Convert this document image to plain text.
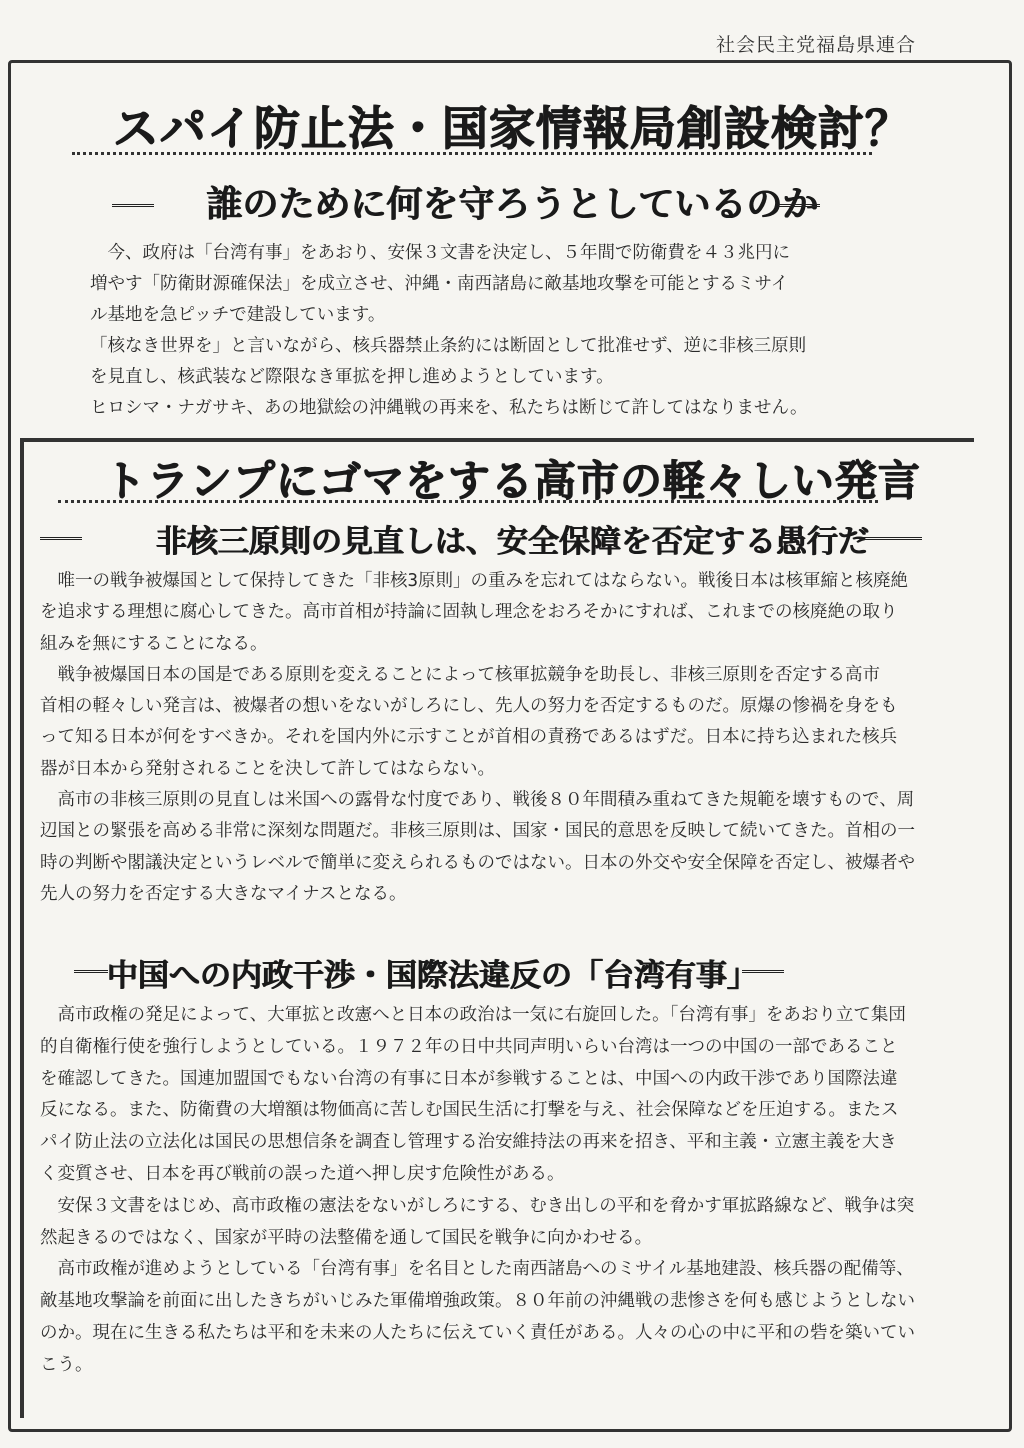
社会民主党福島県連合
スパイ防止法・国家情報局創設検討？
誰のために何を守ろうとしているのか
　今、政府は「台湾有事」をあおり、安保３文書を決定し、５年間で防衛費を４３兆円に
増やす「防衛財源確保法」を成立させ、沖縄・南西諸島に敵基地攻撃を可能とするミサイ
ル基地を急ピッチで建設しています。
「核なき世界を」と言いながら、核兵器禁止条約には断固として批准せず、逆に非核三原則
を見直し、核武装など際限なき軍拡を押し進めようとしています。
ヒロシマ・ナガサキ、あの地獄絵の沖縄戦の再来を、私たちは断じて許してはなりません。
トランプにゴマをする高市の軽々しい発言
非核三原則の見直しは、安全保障を否定する愚行だ
　唯一の戦争被爆国として保持してきた「非核3原則」の重みを忘れてはならない。戦後日本は核軍縮と核廃絶
を追求する理想に腐心してきた。高市首相が持論に固執し理念をおろそかにすれば、これまでの核廃絶の取り
組みを無にすることになる。
　戦争被爆国日本の国是である原則を変えることによって核軍拡競争を助長し、非核三原則を否定する高市
首相の軽々しい発言は、被爆者の想いをないがしろにし、先人の努力を否定するものだ。原爆の惨禍を身をも
って知る日本が何をすべきか。それを国内外に示すことが首相の責務であるはずだ。日本に持ち込まれた核兵
器が日本から発射されることを決して許してはならない。
　高市の非核三原則の見直しは米国への露骨な忖度であり、戦後８０年間積み重ねてきた規範を壊すもので、周
辺国との緊張を高める非常に深刻な問題だ。非核三原則は、国家・国民的意思を反映して続いてきた。首相の一
時の判断や閣議決定というレベルで簡単に変えられるものではない。日本の外交や安全保障を否定し、被爆者や
先人の努力を否定する大きなマイナスとなる。
中国への内政干渉・国際法違反の「台湾有事」
　高市政権の発足によって、大軍拡と改憲へと日本の政治は一気に右旋回した。「台湾有事」をあおり立て集団
的自衛権行使を強行しようとしている。１９７２年の日中共同声明いらい台湾は一つの中国の一部であること
を確認してきた。国連加盟国でもない台湾の有事に日本が参戦することは、中国への内政干渉であり国際法違
反になる。また、防衛費の大増額は物価高に苦しむ国民生活に打撃を与え、社会保障などを圧迫する。またス
パイ防止法の立法化は国民の思想信条を調査し管理する治安維持法の再来を招き、平和主義・立憲主義を大き
く変質させ、日本を再び戦前の誤った道へ押し戻す危険性がある。
　安保３文書をはじめ、高市政権の憲法をないがしろにする、むき出しの平和を脅かす軍拡路線など、戦争は突
然起きるのではなく、国家が平時の法整備を通して国民を戦争に向かわせる。
　高市政権が進めようとしている「台湾有事」を名目とした南西諸島へのミサイル基地建設、核兵器の配備等、
敵基地攻撃論を前面に出したきちがいじみた軍備増強政策。８０年前の沖縄戦の悲惨さを何も感じようとしない
のか。現在に生きる私たちは平和を未来の人たちに伝えていく責任がある。人々の心の中に平和の砦を築いてい
こう。
